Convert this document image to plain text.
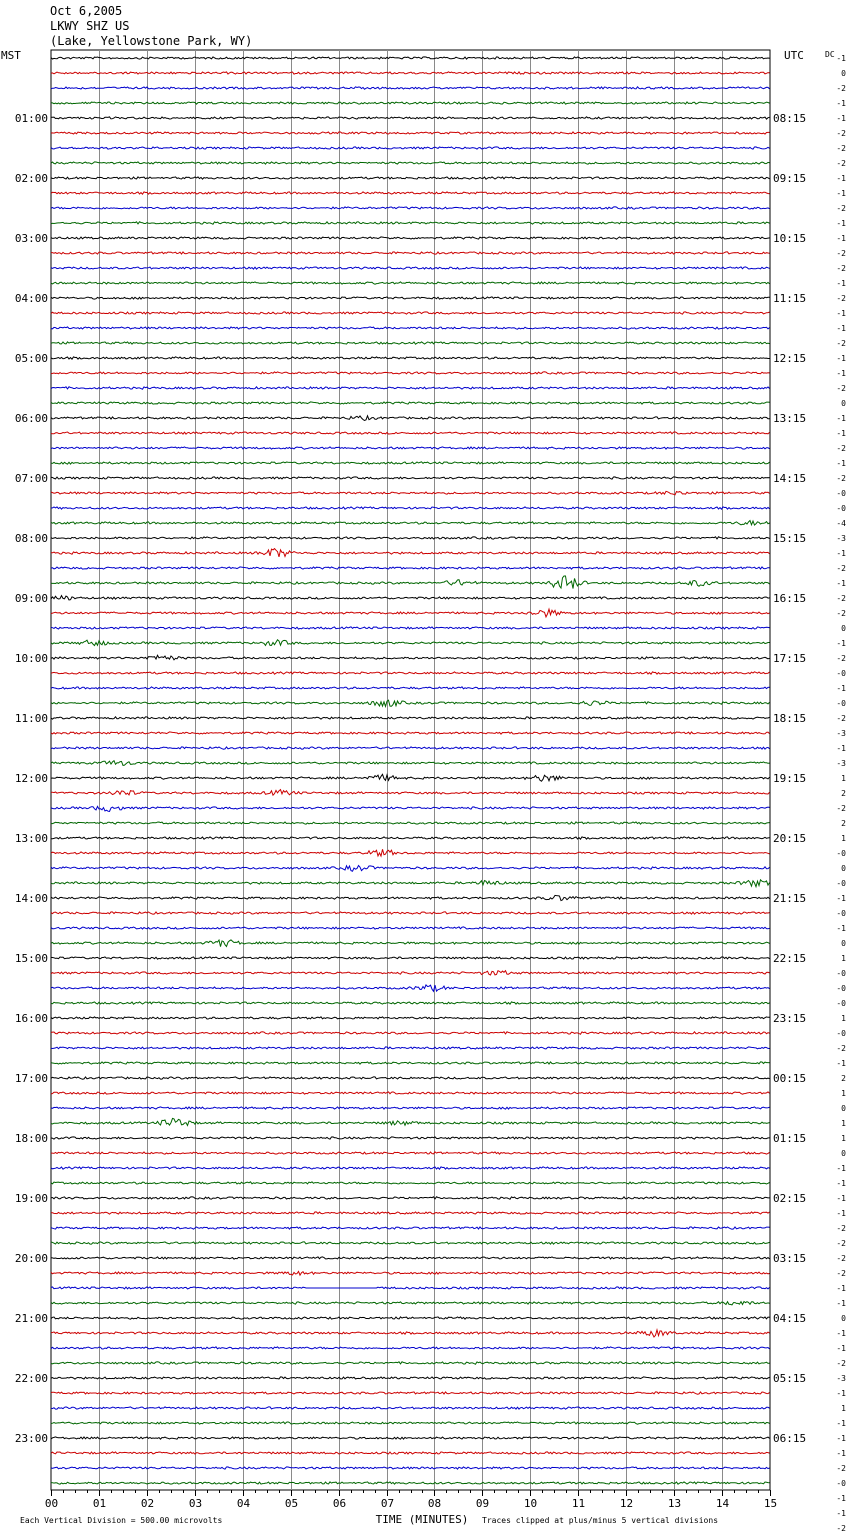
Oct 6,2005
LKWY SHZ US
(Lake, Yellowstone Park, WY)
MST	UTC	DC -1
0
-2
-1
-1
-2
-2
-2
-1
-1
-2
-1
-1
-2
-2
-1
-2
-1
-1
-2
-1
-1
-2
0
-1
-1
-2
-1
-2
-0
-0
-4
-3
-1
-2
-1
-2
-2
0
-1
-2
-0
-1
-0
-2
-3
-1
-3
1
2
-2
2
1
-0
0
-0
-1
-0
-1
0
1
-0
-0
-0
1
-0
-2
-1
2
1
0
1
1
0
-1
-1
-1
-1
-2
-2
-2
-2
-1
-1
0
-1
-1
-2
-3
-1
1
-1
-1
-1
-2
-0
-1
-1
-2
01:00
02:00
03:00
04:00
05:00
06:00
07:00
08:00
09:00
10:00
11:00
12:00
13:00
14:00
15:00
16:00
17:00
18:00
19:00
20:00
21:00
22:00
23:00
08:15
09:15
10:15
11:15
12:15
13:15
14:15
15:15
16:15
17:15
18:15
19:15
20:15
21:15
22:15
23:15
00:15
01:15
02:15
03:15
04:15
05:15
06:15
00	01	02	03	04	05	06	07	08	09	10	11	12	13	14	15
TIME (MINUTES)
Each Vertical Division = 500.00 microvolts	Traces clipped at plus/minus 5 vertical divisions
